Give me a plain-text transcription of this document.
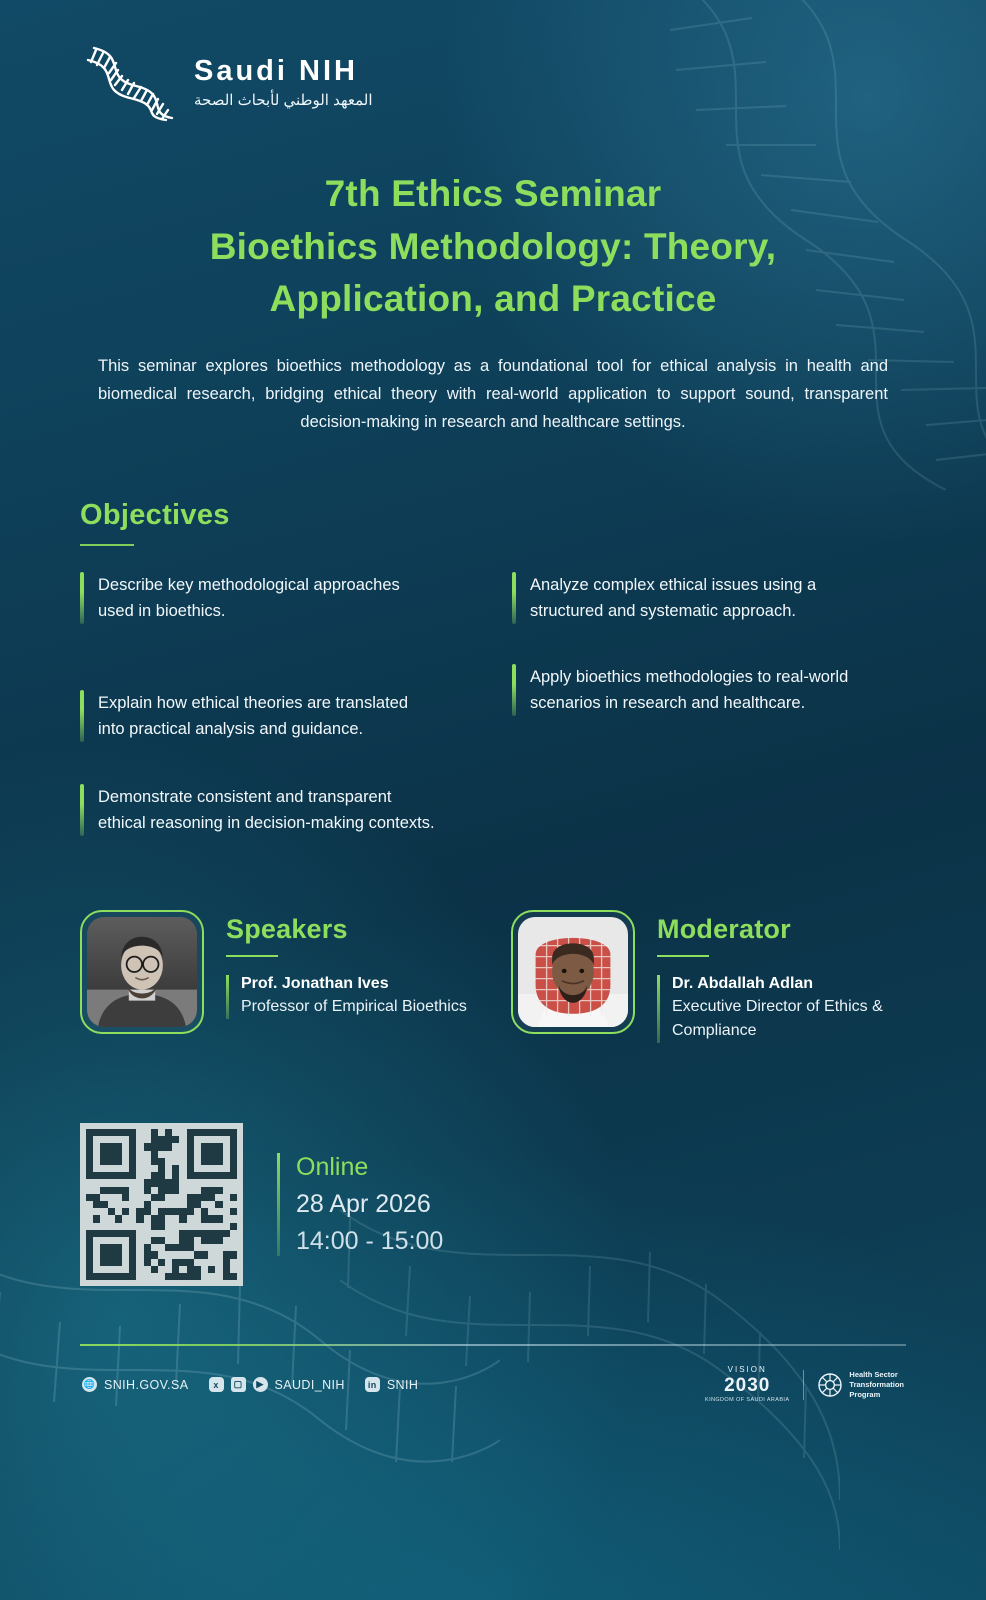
Saudi NIH
المعهد الوطني لأبحاث الصحة
7th Ethics Seminar
Bioethics Methodology: Theory,
Application, and Practice

This seminar explores bioethics methodology as a foundational tool for ethical analysis in health and biomedical research, bridging ethical theory with real-world application to support sound, transparent decision-making in research and healthcare settings.

Objectives
Describe key methodological approaches used in bioethics.
Explain how ethical theories are translated into practical analysis and guidance.
Demonstrate consistent and transparent ethical reasoning in decision-making contexts.
Analyze complex ethical issues using a structured and systematic approach.
Apply bioethics methodologies to real-world scenarios in research and healthcare.
Speakers
Prof. Jonathan Ives
Professor of Empirical Bioethics
Moderator
Dr. Abdallah Adlan
Executive Director of Ethics & Compliance
Online
28 Apr 2026
14:00 - 15:00
🌐 SNIH.GOV.SA	x	▢	▶ SAUDI_NIH	in SNIH
VISION
2030
KINGDOM OF SAUDI ARABIA
Health Sector
Transformation
Program
